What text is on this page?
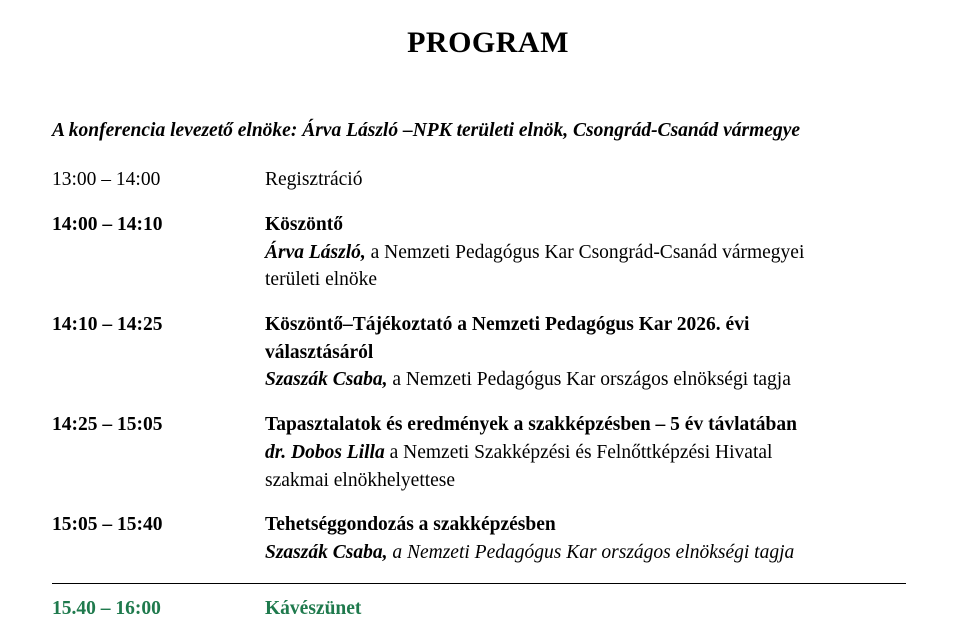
PROGRAM
A konferencia levezető elnöke: Árva László –NPK területi elnök, Csongrád-Csanád vármegye
13:00 – 14:00	Regisztráció
14:00 – 14:10	Köszöntő
Árva László, a Nemzeti Pedagógus Kar Csongrád-Csanád vármegyei
területi elnöke
14:10 – 14:25	Köszöntő–Tájékoztató a Nemzeti Pedagógus Kar 2026. évi
választásáról
Szaszák Csaba, a Nemzeti Pedagógus Kar országos elnökségi tagja
14:25 – 15:05	Tapasztalatok és eredmények a szakképzésben – 5 év távlatában
dr. Dobos Lilla a Nemzeti Szakképzési és Felnőttképzési Hivatal
szakmai elnökhelyettese
15:05 – 15:40	Tehetséggondozás a szakképzésben
Szaszák Csaba, a Nemzeti Pedagógus Kar országos elnökségi tagja
15.40 – 16:00	Kávészünet
